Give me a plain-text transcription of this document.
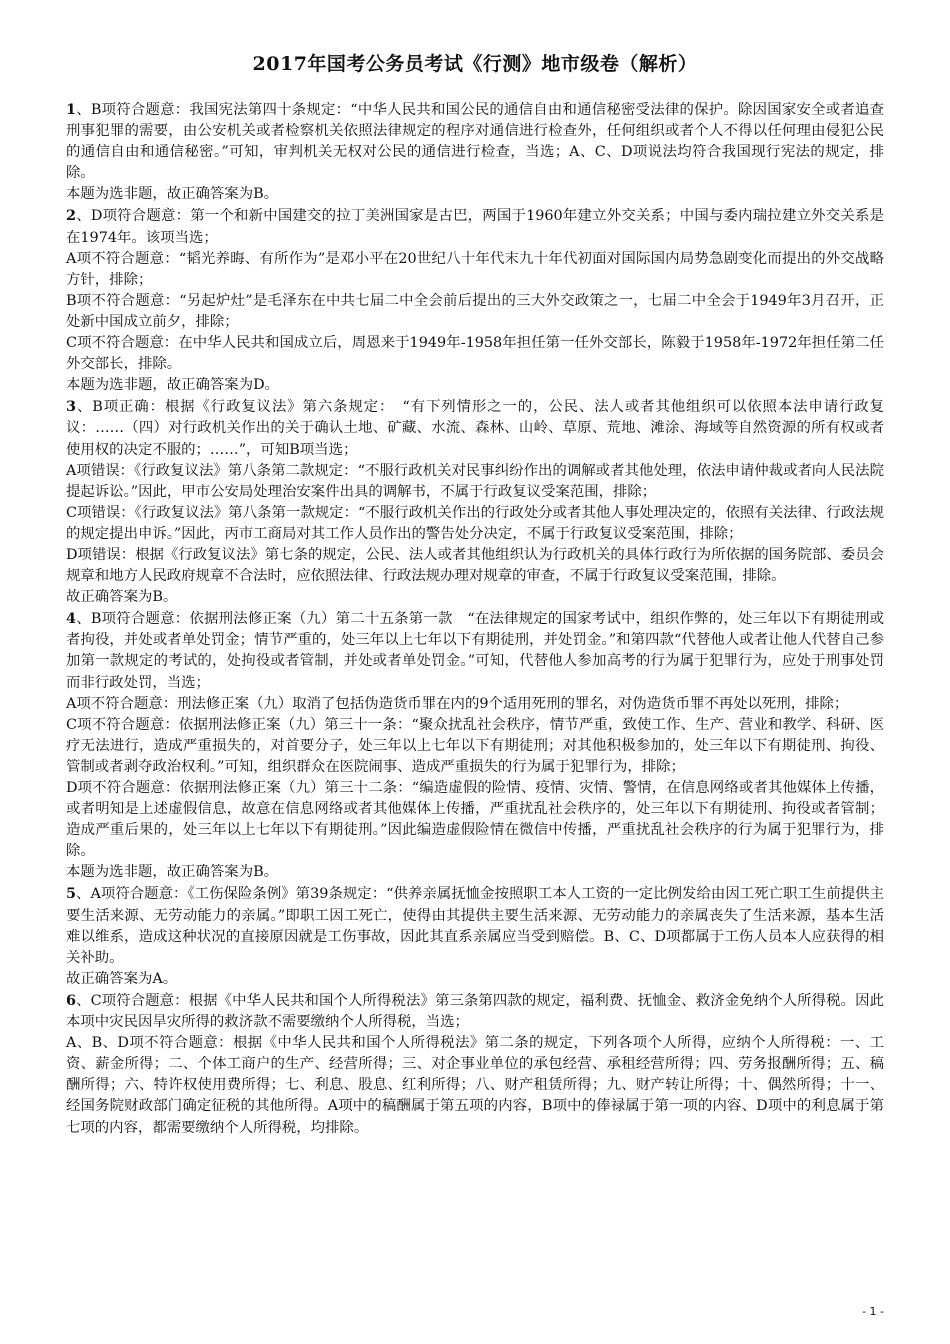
2017年国考公务员考试《行测》地市级卷（解析）

1、B项符合题意：我国宪法第四十条规定：“中华人民共和国公民的通信自由和通信秘密受法律的保护。除因国家安全或者追查刑事犯罪的需要，由公安机关或者检察机关依照法律规定的程序对通信进行检查外，任何组织或者个人不得以任何理由侵犯公民的通信自由和通信秘密。”可知，审判机关无权对公民的通信进行检查，当选；A、C、D项说法均符合我国现行宪法的规定，排除。

本题为选非题，故正确答案为B。

2、D项符合题意：第一个和新中国建交的拉丁美洲国家是古巴，两国于1960年建立外交关系；中国与委内瑞拉建立外交关系是在1974年。该项当选；

A项不符合题意：“韬光养晦、有所作为”是邓小平在20世纪八十年代末九十年代初面对国际国内局势急剧变化而提出的外交战略方针，排除；

B项不符合题意：“另起炉灶”是毛泽东在中共七届二中全会前后提出的三大外交政策之一，七届二中全会于1949年3月召开，正处新中国成立前夕，排除；

C项不符合题意：在中华人民共和国成立后，周恩来于1949年-1958年担任第一任外交部长，陈毅于1958年-1972年担任第二任外交部长，排除。

本题为选非题，故正确答案为D。

3、B项正确：根据《行政复议法》第六条规定：　“有下列情形之一的，公民、法人或者其他组织可以依照本法申请行政复议：……（四）对行政机关作出的关于确认土地、矿藏、水流、森林、山岭、草原、荒地、滩涂、海域等自然资源的所有权或者使用权的决定不服的；……”，可知B项当选；

A项错误：《行政复议法》第八条第二款规定：“不服行政机关对民事纠纷作出的调解或者其他处理，依法申请仲裁或者向人民法院提起诉讼。”因此，甲市公安局处理治安案件出具的调解书，不属于行政复议受案范围，排除；

C项错误：《行政复议法》第八条第一款规定：“不服行政机关作出的行政处分或者其他人事处理决定的，依照有关法律、行政法规的规定提出申诉。”因此，丙市工商局对其工作人员作出的警告处分决定，不属于行政复议受案范围，排除；

D项错误：根据《行政复议法》第七条的规定，公民、法人或者其他组织认为行政机关的具体行政行为所依据的国务院部、委员会规章和地方人民政府规章不合法时，应依照法律、行政法规办理对规章的审查，不属于行政复议受案范围，排除。

故正确答案为B。

4、B项符合题意：依据刑法修正案（九）第二十五条第一款　“在法律规定的国家考试中，组织作弊的，处三年以下有期徒刑或者拘役，并处或者单处罚金；情节严重的，处三年以上七年以下有期徒刑，并处罚金。”和第四款“代替他人或者让他人代替自己参加第一款规定的考试的，处拘役或者管制，并处或者单处罚金。”可知，代替他人参加高考的行为属于犯罪行为，应处于刑事处罚而非行政处罚，当选；

A项不符合题意：刑法修正案（九）取消了包括伪造货币罪在内的9个适用死刑的罪名，对伪造货币罪不再处以死刑，排除；

C项不符合题意：依据刑法修正案（九）第三十一条：“聚众扰乱社会秩序，情节严重，致使工作、生产、营业和教学、科研、医疗无法进行，造成严重损失的，对首要分子，处三年以上七年以下有期徒刑；对其他积极参加的，处三年以下有期徒刑、拘役、管制或者剥夺政治权利。”可知，组织群众在医院闹事、造成严重损失的行为属于犯罪行为，排除；

D项不符合题意：依据刑法修正案（九）第三十二条：“编造虚假的险情、疫情、灾情、警情，在信息网络或者其他媒体上传播，或者明知是上述虚假信息，故意在信息网络或者其他媒体上传播，严重扰乱社会秩序的，处三年以下有期徒刑、拘役或者管制；造成严重后果的，处三年以上七年以下有期徒刑。”因此编造虚假险情在微信中传播，严重扰乱社会秩序的行为属于犯罪行为，排除。

本题为选非题，故正确答案为B。

5、A项符合题意：《工伤保险条例》第39条规定：“供养亲属抚恤金按照职工本人工资的一定比例发给由因工死亡职工生前提供主要生活来源、无劳动能力的亲属。”即职工因工死亡，使得由其提供主要生活来源、无劳动能力的亲属丧失了生活来源，基本生活难以维系，造成这种状况的直接原因就是工伤事故，因此其直系亲属应当受到赔偿。B、C、D项都属于工伤人员本人应获得的相关补助。

故正确答案为A。

6、C项符合题意：根据《中华人民共和国个人所得税法》第三条第四款的规定，福利费、抚恤金、救济金免纳个人所得税。因此本项中灾民因旱灾所得的救济款不需要缴纳个人所得税，当选；

A、B、D项不符合题意：根据《中华人民共和国个人所得税法》第二条的规定，下列各项个人所得，应纳个人所得税：一、工资、薪金所得；二、个体工商户的生产、经营所得；三、对企事业单位的承包经营、承租经营所得；四、劳务报酬所得；五、稿酬所得；六、特许权使用费所得；七、利息、股息、红利所得；八、财产租赁所得；九、财产转让所得；十、偶然所得；十一、经国务院财政部门确定征税的其他所得。A项中的稿酬属于第五项的内容，B项中的俸禄属于第一项的内容、D项中的利息属于第七项的内容，都需要缴纳个人所得税，均排除。

- 1 -
